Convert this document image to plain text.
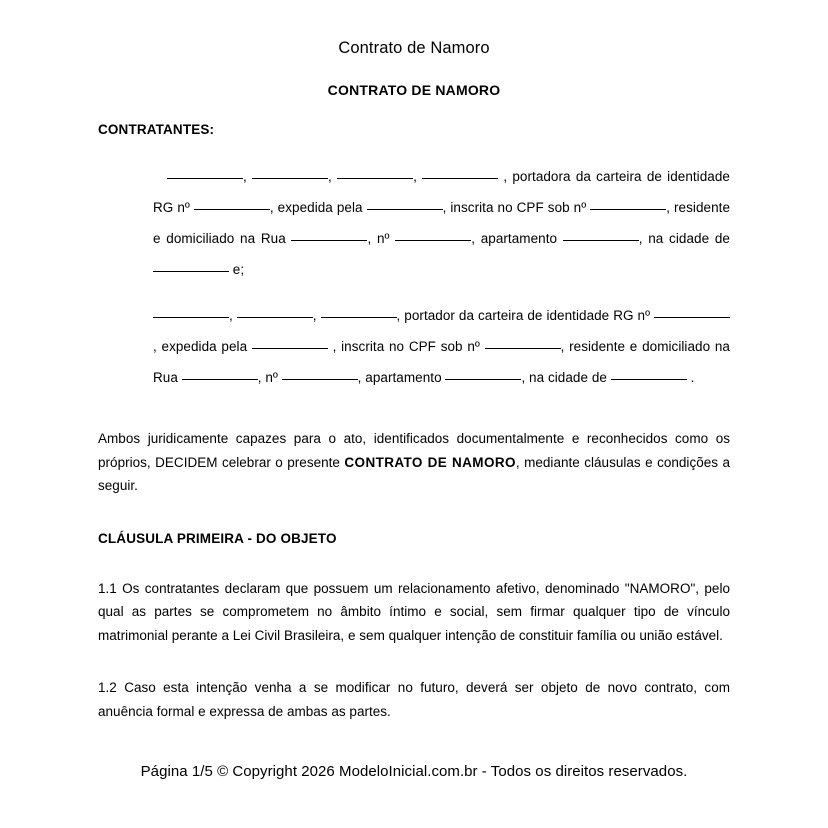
Contrato de Namoro
CONTRATO DE NAMORO
CONTRATANTES:
,	,	,	, portadora da carteira de identidade RG nº	, expedida pela	, inscrita no CPF sob nº	, residente e domiciliado na Rua	, nº	, apartamento	, na cidade de  e;
,	,	, portador da carteira de identidade RG nº , expedida pela	, inscrita no CPF sob nº	, residente e domiciliado na Rua	, nº	, apartamento	, na cidade de	.
Ambos juridicamente capazes para o ato, identificados documentalmente e reconhecidos como os próprios, DECIDEM celebrar o presente CONTRATO DE NAMORO, mediante cláusulas e condições a seguir.
CLÁUSULA PRIMEIRA - DO OBJETO
1.1 Os contratantes declaram que possuem um relacionamento afetivo, denominado "NAMORO", pelo qual as partes se comprometem no âmbito íntimo e social, sem firmar qualquer tipo de vínculo matrimonial perante a Lei Civil Brasileira, e sem qualquer intenção de constituir família ou união estável.
1.2 Caso esta intenção venha a se modificar no futuro, deverá ser objeto de novo contrato, com anuência formal e expressa de ambas as partes.
Página 1/5 © Copyright 2026 ModeloInicial.com.br - Todos os direitos reservados.
